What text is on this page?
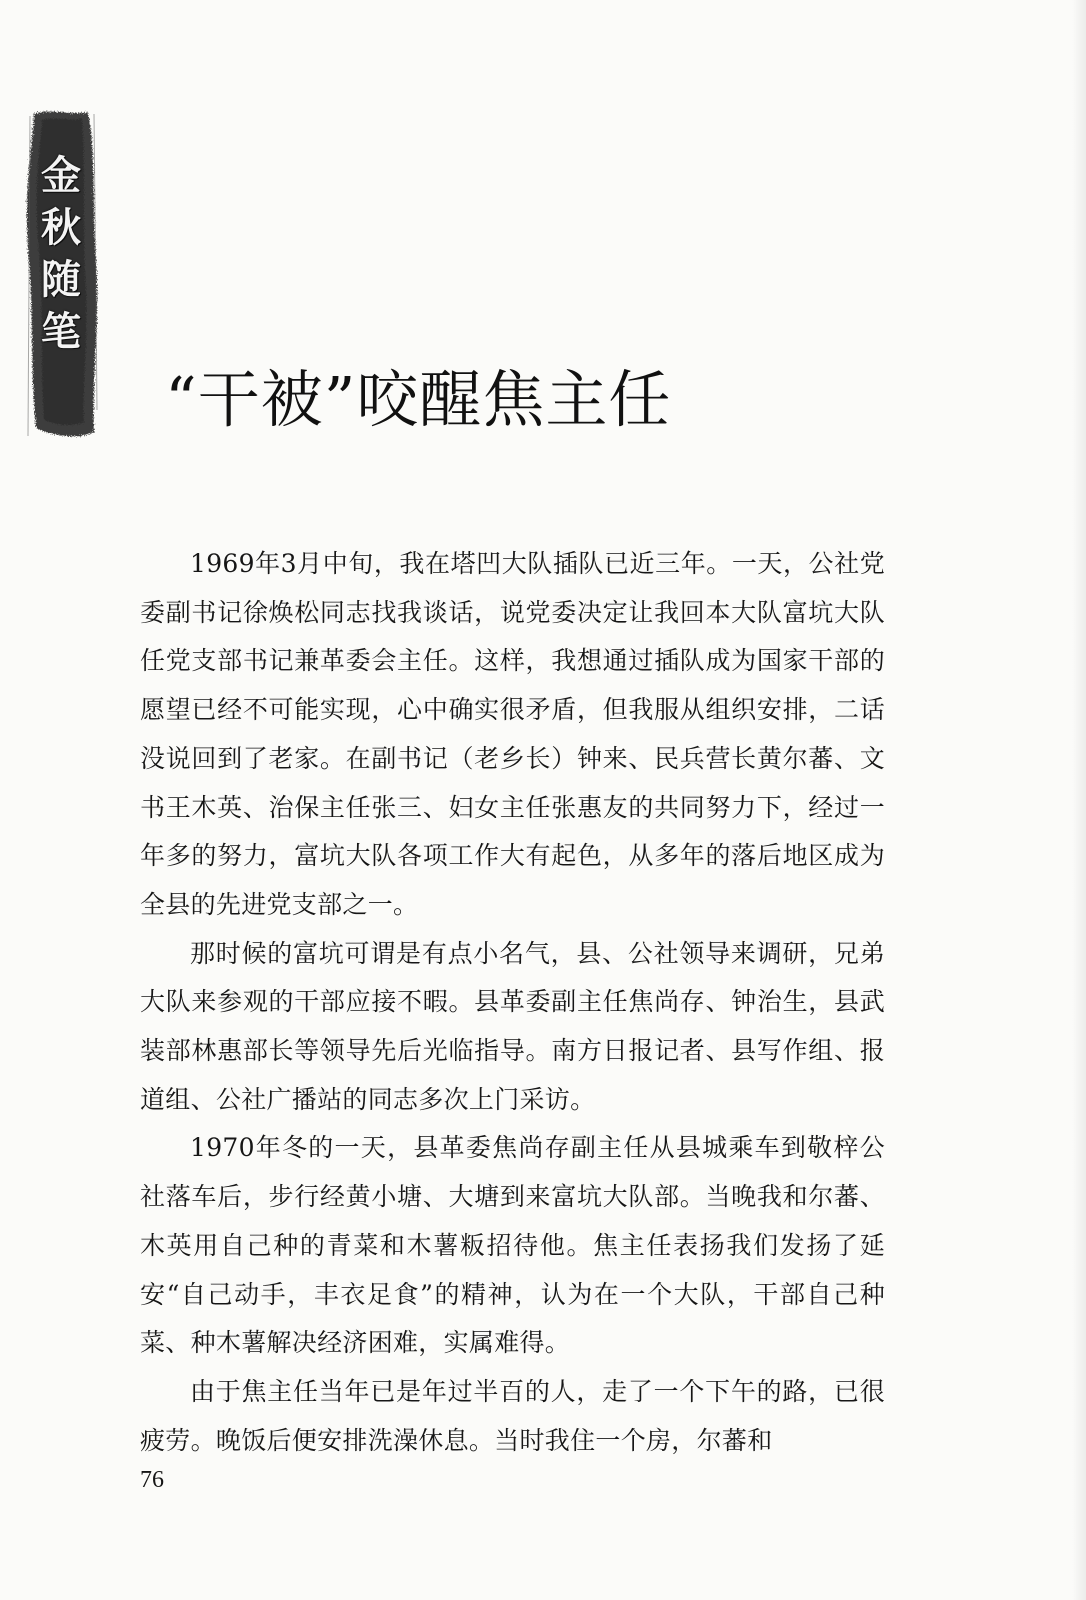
金
秋
随
笔
“干被”咬醒焦主任

1969年3月中旬，我在塔凹大队插队已近三年。一天，公社党委副书记徐焕松同志找我谈话，说党委决定让我回本大队富坑大队任党支部书记兼革委会主任。这样，我想通过插队成为国家干部的愿望已经不可能实现，心中确实很矛盾，但我服从组织安排，二话没说回到了老家。在副书记（老乡长）钟来、民兵营长黄尔蕃、文书王木英、治保主任张三、妇女主任张惠友的共同努力下，经过一年多的努力，富坑大队各项工作大有起色，从多年的落后地区成为全县的先进党支部之一。

那时候的富坑可谓是有点小名气，县、公社领导来调研，兄弟大队来参观的干部应接不暇。县革委副主任焦尚存、钟治生，县武装部林惠部长等领导先后光临指导。南方日报记者、县写作组、报道组、公社广播站的同志多次上门采访。

1970年冬的一天，县革委焦尚存副主任从县城乘车到敬梓公社落车后，步行经黄小塘、大塘到来富坑大队部。当晚我和尔蕃、木英用自己种的青菜和木薯粄招待他。焦主任表扬我们发扬了延安“自己动手，丰衣足食”的精神，认为在一个大队，干部自己种菜、种木薯解决经济困难，实属难得。

由于焦主任当年已是年过半百的人，走了一个下午的路，已很疲劳。晚饭后便安排洗澡休息。当时我住一个房，尔蕃和

76
